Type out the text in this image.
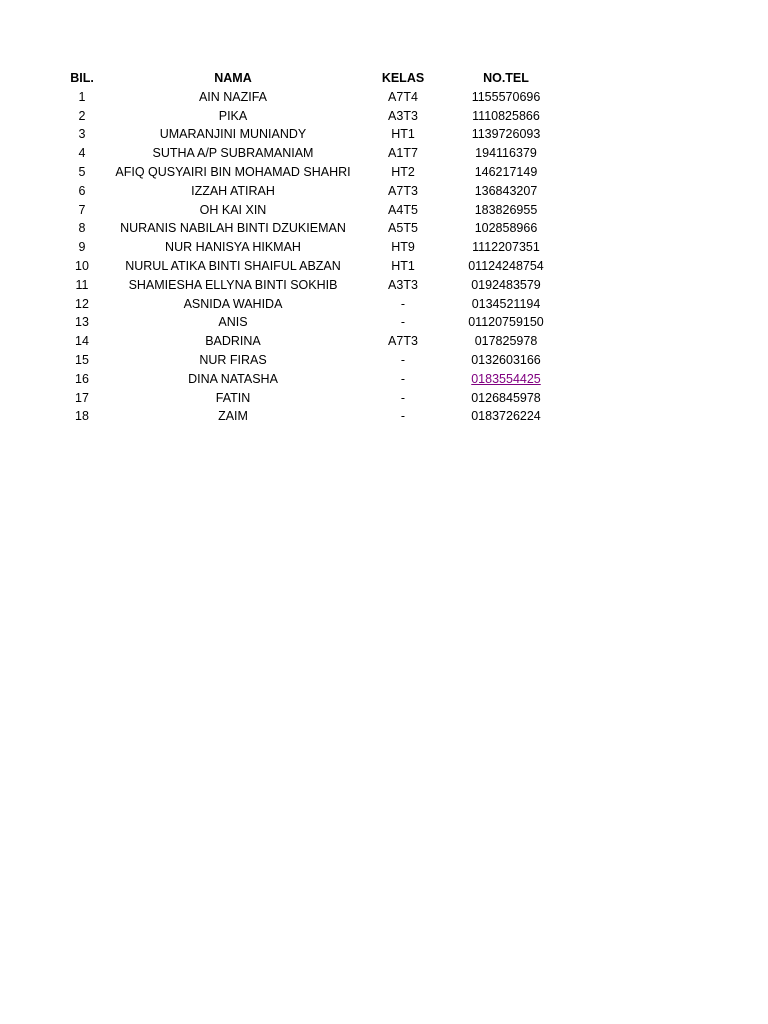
BIL.	NAMA	KELAS	NO.TEL
1	AIN NAZIFA	A7T4	1155570696
2	PIKA	A3T3	1110825866
3	UMARANJINI MUNIANDY	HT1	1139726093
4	SUTHA A/P SUBRAMANIAM	A1T7	194116379
5	AFIQ QUSYAIRI BIN MOHAMAD SHAHRI	HT2	146217149
6	IZZAH ATIRAH	A7T3	136843207
7	OH KAI XIN	A4T5	183826955
8	NURANIS NABILAH BINTI DZUKIEMAN	A5T5	102858966
9	NUR HANISYA HIKMAH	HT9	1112207351
10	NURUL ATIKA BINTI SHAIFUL ABZAN	HT1	01124248754
11	SHAMIESHA ELLYNA BINTI SOKHIB	A3T3	0192483579
12	ASNIDA WAHIDA	-	0134521194
13	ANIS	-	01120759150
14	BADRINA	A7T3	017825978
15	NUR FIRAS	-	0132603166
16	DINA NATASHA	-	0183554425
17	FATIN	-	0126845978
18	ZAIM	-	0183726224
